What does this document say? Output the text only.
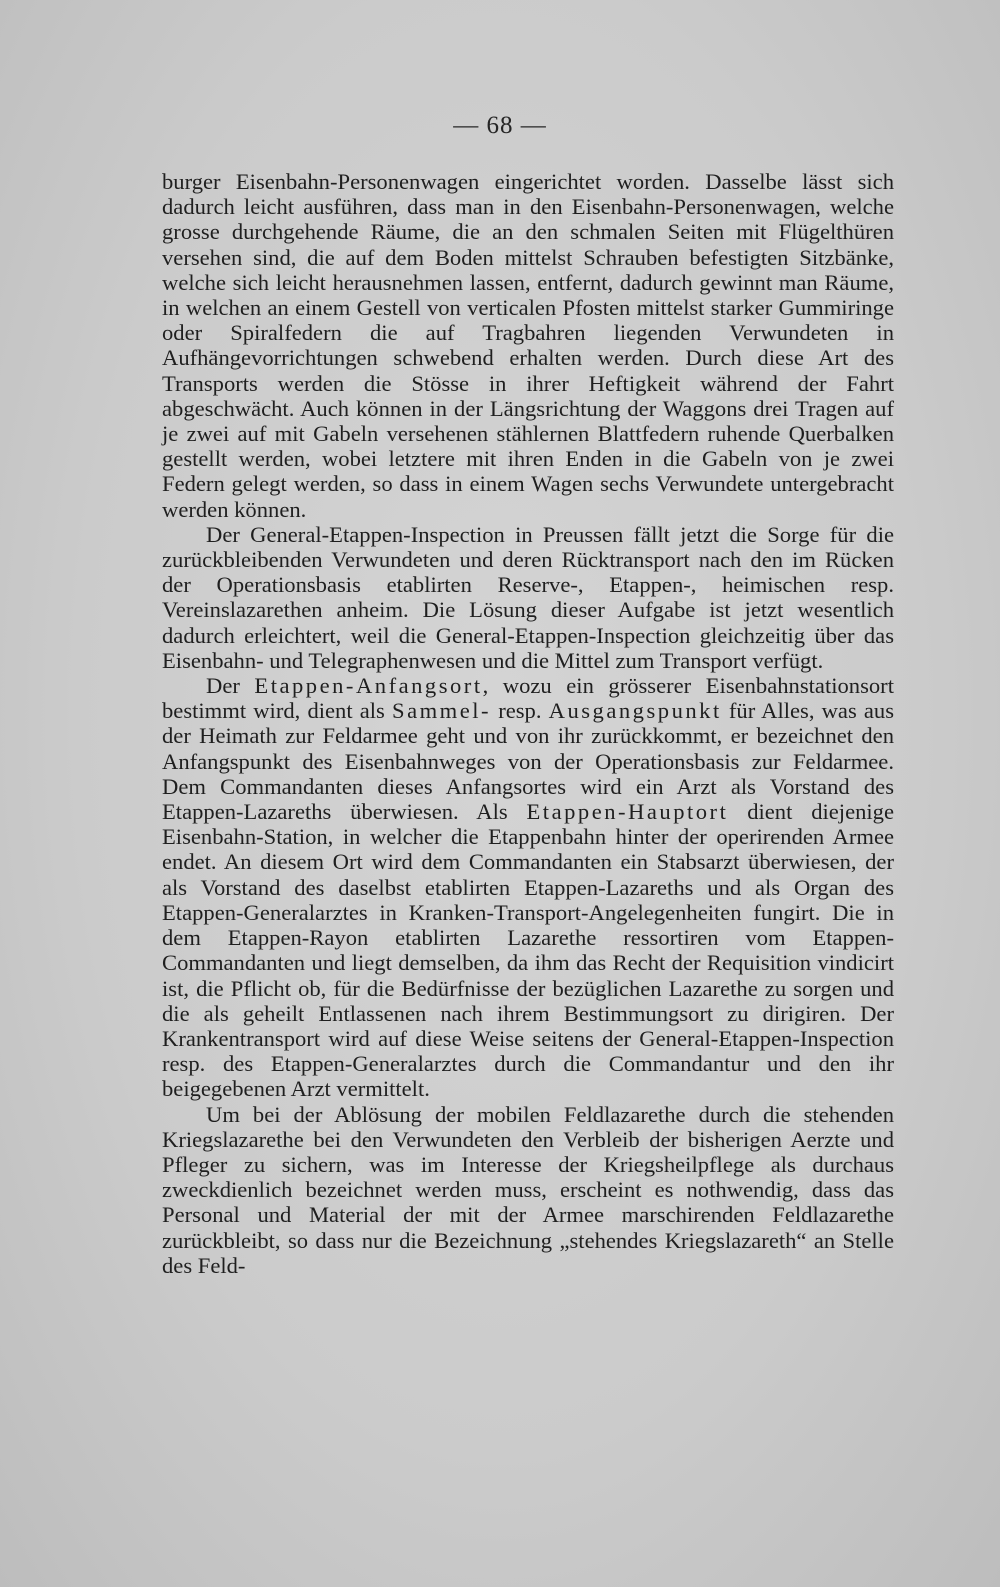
— 68 —

burger Eisenbahn-Personenwagen eingerichtet worden. Dasselbe lässt sich dadurch leicht ausführen, dass man in den Eisenbahn-Personenwagen, welche grosse durchgehende Räume, die an den schmalen Seiten mit Flügelthüren versehen sind, die auf dem Boden mittelst Schrauben befestigten Sitzbänke, welche sich leicht herausnehmen lassen, entfernt, dadurch gewinnt man Räume, in welchen an einem Gestell von verticalen Pfosten mittelst starker Gummiringe oder Spiralfedern die auf Tragbahren liegenden Verwundeten in Aufhängevorrichtungen schwebend erhalten werden. Durch diese Art des Transports werden die Stösse in ihrer Heftigkeit während der Fahrt abgeschwächt. Auch können in der Längsrichtung der Waggons drei Tragen auf je zwei auf mit Gabeln versehenen stählernen Blattfedern ruhende Querbalken gestellt werden, wobei letztere mit ihren Enden in die Gabeln von je zwei Federn gelegt werden, so dass in einem Wagen sechs Verwundete untergebracht werden können.

Der General-Etappen-Inspection in Preussen fällt jetzt die Sorge für die zurückbleibenden Verwundeten und deren Rücktransport nach den im Rücken der Operationsbasis etablirten Reserve-, Etappen-, heimischen resp. Vereinslazarethen anheim. Die Lösung dieser Aufgabe ist jetzt wesentlich dadurch erleichtert, weil die General-Etappen-Inspection gleichzeitig über das Eisenbahn- und Telegraphenwesen und die Mittel zum Transport verfügt.

Der Etappen-Anfangsort, wozu ein grösserer Eisenbahnstationsort bestimmt wird, dient als Sammel- resp. Ausgangspunkt für Alles, was aus der Heimath zur Feldarmee geht und von ihr zurückkommt, er bezeichnet den Anfangspunkt des Eisenbahnweges von der Operationsbasis zur Feldarmee. Dem Commandanten dieses Anfangsortes wird ein Arzt als Vorstand des Etappen-Lazareths überwiesen. Als Etappen-Hauptort dient diejenige Eisenbahn-Station, in welcher die Etappenbahn hinter der operirenden Armee endet. An diesem Ort wird dem Commandanten ein Stabsarzt überwiesen, der als Vorstand des daselbst etablirten Etappen-Lazareths und als Organ des Etappen-Generalarztes in Kranken-Transport-Angelegenheiten fungirt. Die in dem Etappen-Rayon etablirten Lazarethe ressortiren vom Etappen-Commandanten und liegt demselben, da ihm das Recht der Requisition vindicirt ist, die Pflicht ob, für die Bedürfnisse der bezüglichen Lazarethe zu sorgen und die als geheilt Entlassenen nach ihrem Bestimmungsort zu dirigiren. Der Krankentransport wird auf diese Weise seitens der General-Etappen-Inspection resp. des Etappen-Generalarztes durch die Commandantur und den ihr beigegebenen Arzt vermittelt.

Um bei der Ablösung der mobilen Feldlazarethe durch die stehenden Kriegslazarethe bei den Verwundeten den Verbleib der bisherigen Aerzte und Pfleger zu sichern, was im Interesse der Kriegsheilpflege als durchaus zweckdienlich bezeichnet werden muss, erscheint es nothwendig, dass das Personal und Material der mit der Armee marschirenden Feldlazarethe zurückbleibt, so dass nur die Bezeichnung „stehendes Kriegslazareth“ an Stelle des Feld-
